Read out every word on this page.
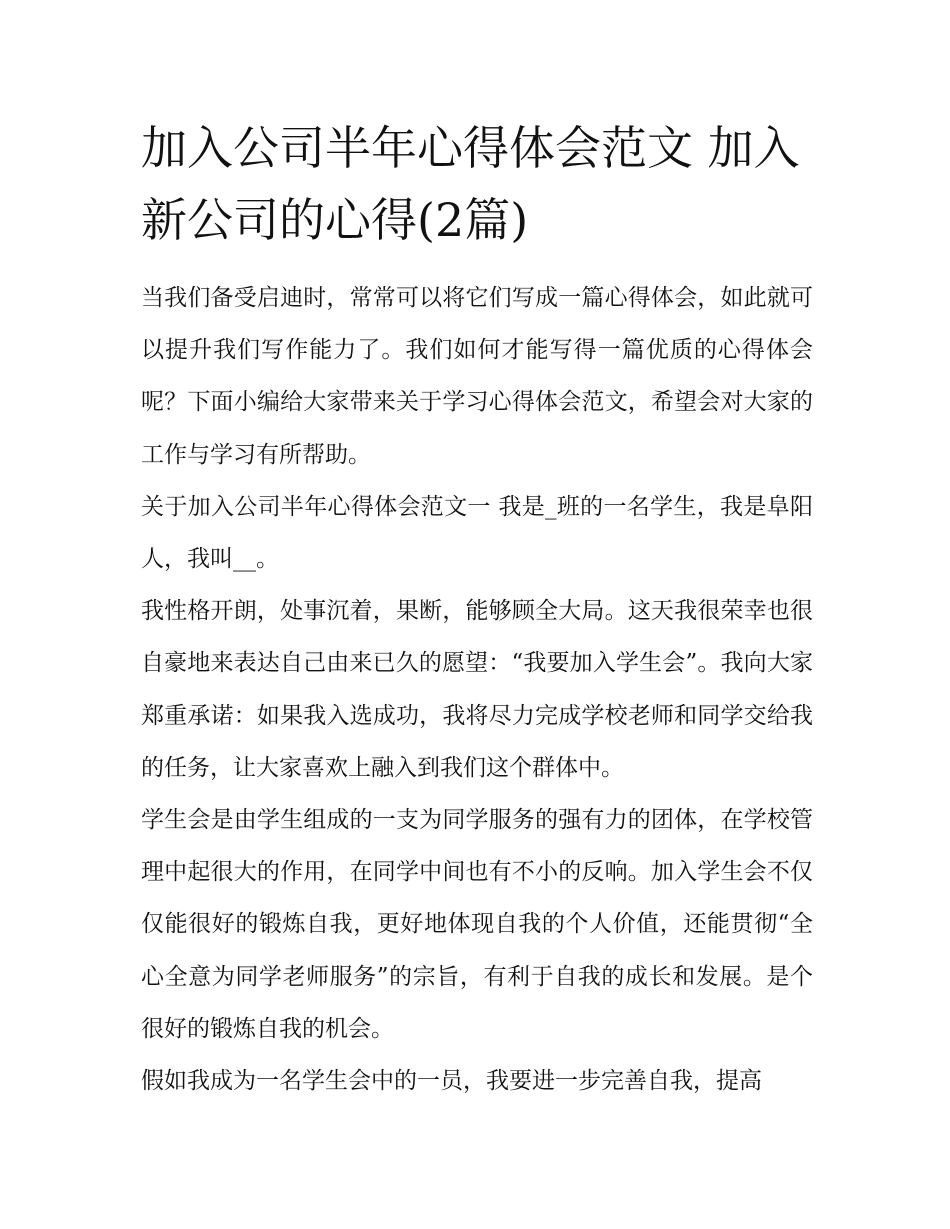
加入公司半年心得体会范文 加入新公司的心得(2篇)

当我们备受启迪时，常常可以将它们写成一篇心得体会，如此就可以提升我们写作能力了。我们如何才能写得一篇优质的心得体会呢？下面小编给大家带来关于学习心得体会范文，希望会对大家的工作与学习有所帮助。

关于加入公司半年心得体会范文一 我是_班的一名学生，我是阜阳人，我叫__。

我性格开朗，处事沉着，果断，能够顾全大局。这天我很荣幸也很自豪地来表达自己由来已久的愿望：“我要加入学生会”。我向大家郑重承诺：如果我入选成功，我将尽力完成学校老师和同学交给我的任务，让大家喜欢上融入到我们这个群体中。

学生会是由学生组成的一支为同学服务的强有力的团体，在学校管理中起很大的作用，在同学中间也有不小的反响。加入学生会不仅仅能很好的锻炼自我，更好地体现自我的个人价值，还能贯彻“全心全意为同学老师服务”的宗旨，有利于自我的成长和发展。是个很好的锻炼自我的机会。

假如我成为一名学生会中的一员，我要进一步完善自我，提高
